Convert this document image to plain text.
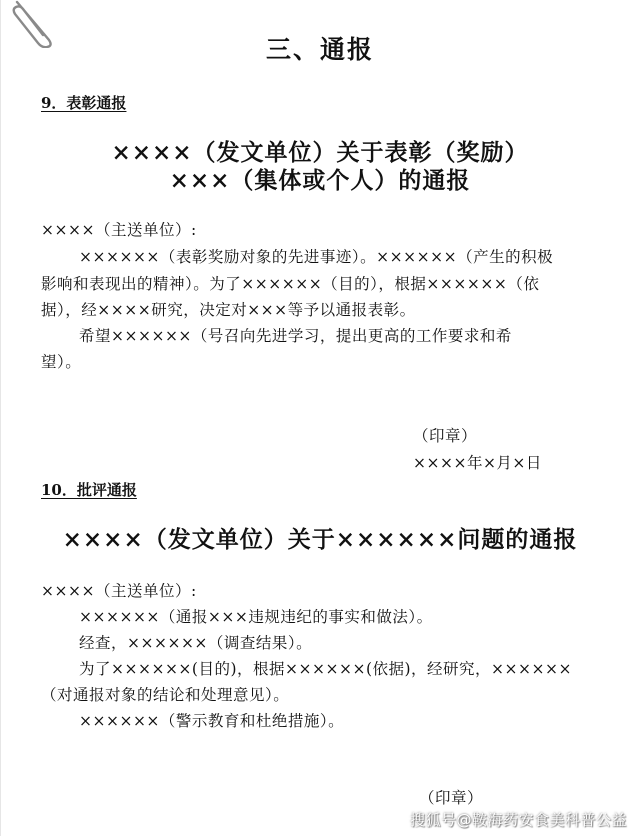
三、通报
9．表彰通报
××××（发文单位）关于表彰（奖励）
×××（集体或个人）的通报
××××（主送单位）:
××××××（表彰奖励对象的先进事迹）。××××××（产生的积极
影响和表现出的精神）。为了××××××（目的），根据××××××（依
据），经××××研究，决定对×××等予以通报表彰。
希望××××××（号召向先进学习，提出更高的工作要求和希
望）。
（印章）
××××年×月×日
10．批评通报
××××（发文单位）关于××××××问题的通报
××××（主送单位）:
××××××（通报×××违规违纪的事实和做法）。
经查，××××××（调查结果）。
为了××××××(目的)，根据××××××(依据)，经研究，××××××
（对通报对象的结论和处理意见）。
××××××（警示教育和杜绝措施）。
（印章）
搜狐号@鞍海药安食美科普公益
